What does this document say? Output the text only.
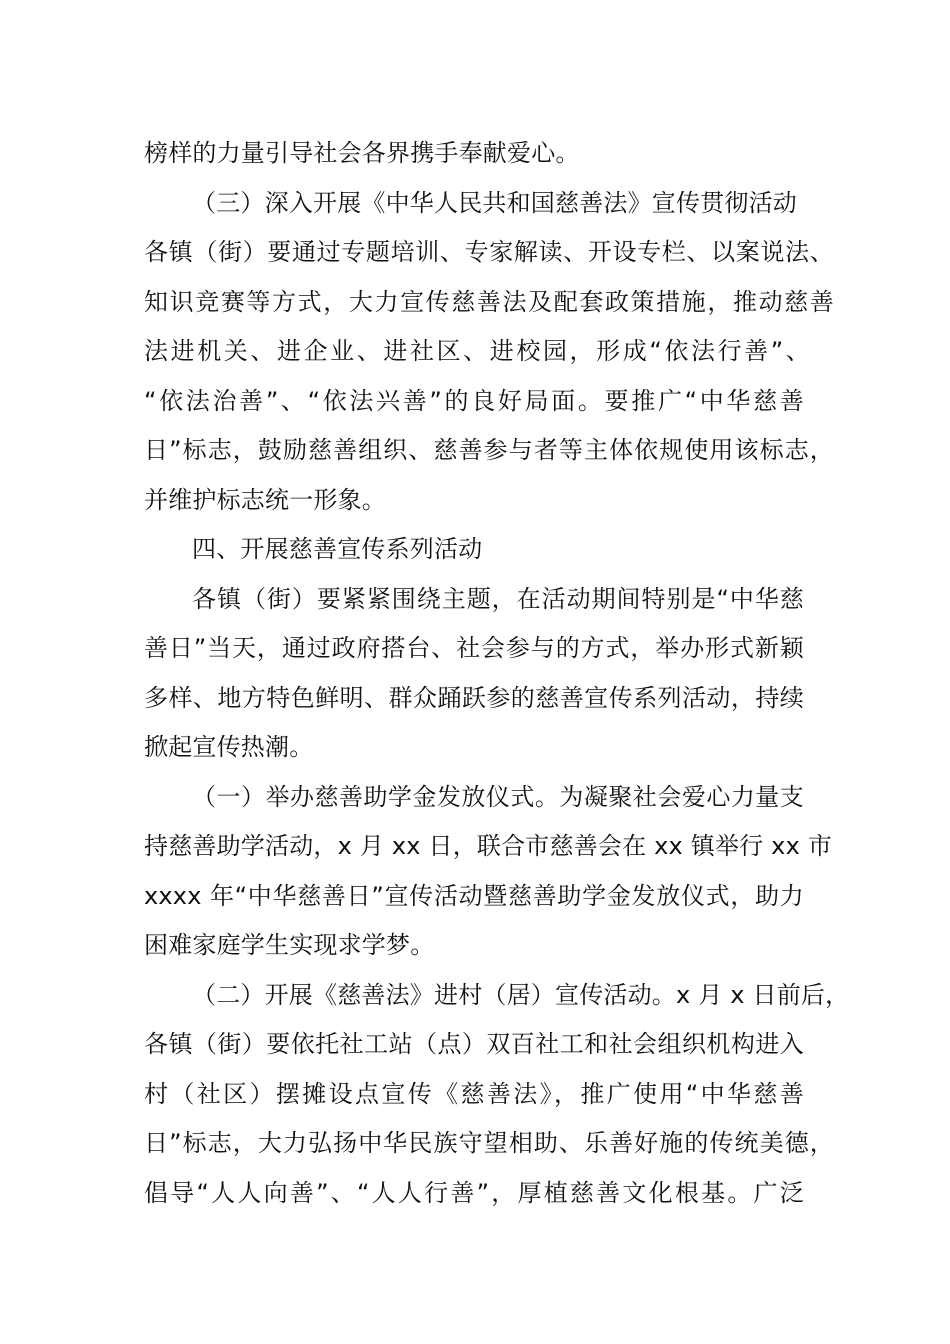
榜样的力量引导社会各界携手奉献爱心。
（三）深入开展《中华人民共和国慈善法》宣传贯彻活动
各镇（街）要通过专题培训、专家解读、开设专栏、以案说法、
知识竞赛等方式，大力宣传慈善法及配套政策措施，推动慈善
法进机关、进企业、进社区、进校园，形成“依法行善”、
“依法治善”、“依法兴善”的良好局面。要推广“中华慈善
日”标志，鼓励慈善组织、慈善参与者等主体依规使用该标志，
并维护标志统一形象。
四、开展慈善宣传系列活动
各镇（街）要紧紧围绕主题，在活动期间特别是“中华慈
善日”当天，通过政府搭台、社会参与的方式，举办形式新颖
多样、地方特色鲜明、群众踊跃参的慈善宣传系列活动，持续
掀起宣传热潮。
（一）举办慈善助学金发放仪式。为凝聚社会爱心力量支
持慈善助学活动，x 月 xx 日，联合市慈善会在 xx 镇举行 xx 市
xxxx 年“中华慈善日”宣传活动暨慈善助学金发放仪式，助力
困难家庭学生实现求学梦。
（二）开展《慈善法》进村（居）宣传活动。x 月 x 日前后，
各镇（街）要依托社工站（点）双百社工和社会组织机构进入
村（社区）摆摊设点宣传《慈善法》，推广使用“中华慈善
日”标志，大力弘扬中华民族守望相助、乐善好施的传统美德，
倡导“人人向善”、“人人行善”，厚植慈善文化根基。广泛
